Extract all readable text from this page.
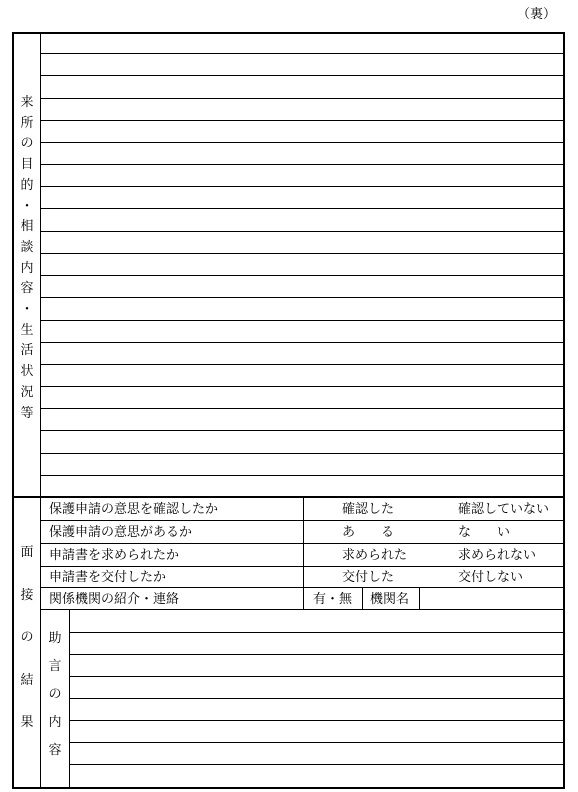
（裏）
来
所
の
目
的
・
相
談
内
容
・
生
活
状
況
等
面
接
の
結
果
保護申請の意思を確認したか	確認した	確認していない
保護申請の意思があるか	あ　　る	な　　い
申請書を求められたか	求められた	求められない
申請書を交付したか	交付した	交付しない
関係機関の紹介・連絡	有・無 機関名
助
言
の
内
容
